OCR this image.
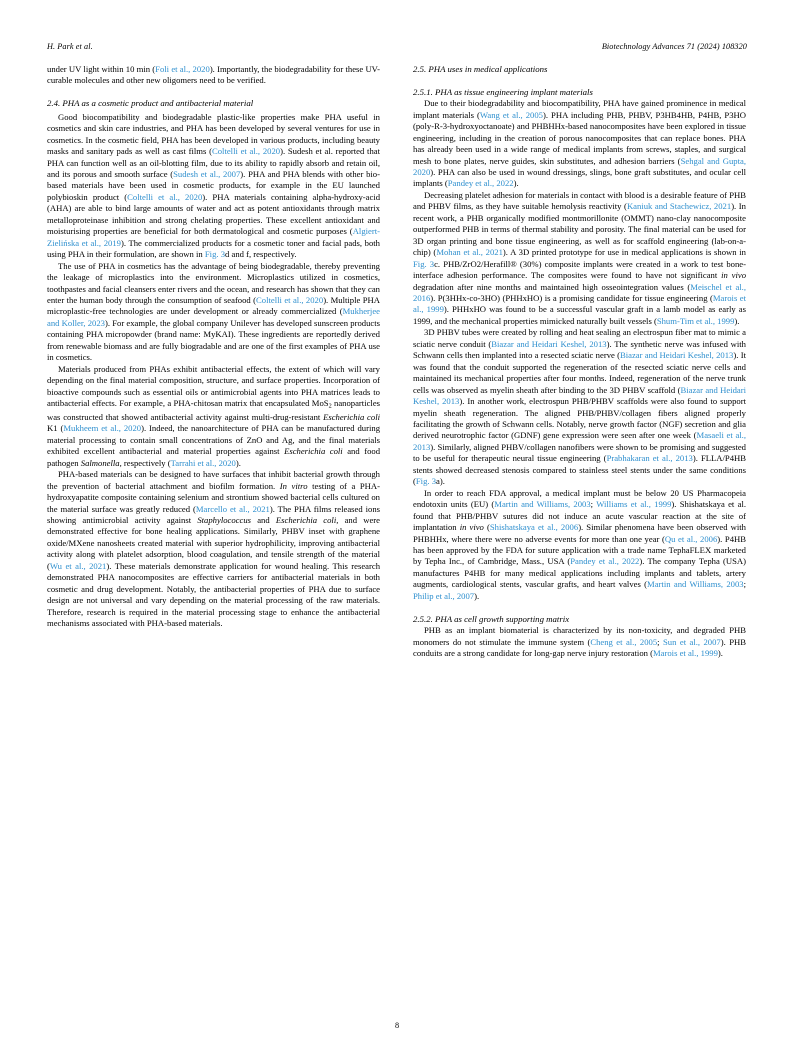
H. Park et al.	Biotechnology Advances 71 (2024) 108320

under UV light within 10 min (Foli et al., 2020). Importantly, the biodegradability for these UV-curable molecules and other new oligomers need to be verified.

2.4. PHA as a cosmetic product and antibacterial material

Good biocompatibility and biodegradable plastic-like properties make PHA useful in cosmetics and skin care industries, and PHA has been developed by several ventures for use in cosmetics. In the cosmetic field, PHA has been developed in various products, including beauty masks and sanitary pads as well as cast films (Coltelli et al., 2020). Sudesh et al. reported that PHA can function well as an oil-blotting film, due to its ability to rapidly absorb and retain oil, and its porous and smooth surface (Sudesh et al., 2007). PHA and PHA blends with other bio-based materials have been used in cosmetic products, for example in the EU launched polybioskin product (Coltelli et al., 2020). PHA materials containing alpha-hydroxy-acid (AHA) are able to bind large amounts of water and act as potent antioxidants through matrix metalloproteinase inhibition and strong chelating properties. These excellent antioxidant and moisturising properties are beneficial for both dermatological and cosmetic purposes (Algiert-Zielińska et al., 2019). The commercialized products for a cosmetic toner and facial pads, both using PHA in their formulation, are shown in Fig. 3d and f, respectively.

The use of PHA in cosmetics has the advantage of being biodegradable, thereby preventing the leakage of microplastics into the environment. Microplastics utilized in cosmetics, toothpastes and facial cleansers enter rivers and the ocean, and research has shown that they can enter the human body through the consumption of seafood (Coltelli et al., 2020). Multiple PHA microplastic-free technologies are under development or already commercialized (Mukherjee and Koller, 2023). For example, the global company Unilever has developed sunscreen products containing PHA micropowder (brand name: MyKAI). These ingredients are reportedly derived from renewable biomass and are fully biogradable and are one of the first examples of PHA use in cosmetics.

Materials produced from PHAs exhibit antibacterial effects, the extent of which will vary depending on the final material composition, structure, and surface properties. Incorporation of bioactive compounds such as essential oils or antimicrobial agents into PHA matrices leads to antibacterial effects. For example, a PHA-chitosan matrix that encapsulated MoS$_2$ nanoparticles was constructed that showed antibacterial activity against multi-drug-resistant Escherichia coli K1 (Mukheem et al., 2020). Indeed, the nanoarchitecture of PHA can be manufactured during material processing to contain small concentrations of ZnO and Ag, and the final materials exhibited excellent antibacterial and material properties against Escherichia coli and food pathogen Salmonella, respectively (Tarrahi et al., 2020).

PHA-based materials can be designed to have surfaces that inhibit bacterial growth through the prevention of bacterial attachment and biofilm formation. In vitro testing of a PHA-hydroxyapatite composite containing selenium and strontium showed bacterial cells cultured on the material surface was greatly reduced (Marcello et al., 2021). The PHA films released ions showing antimicrobial activity against Staphylococcus and Escherichia coli, and were demonstrated effective for bone healing applications. Similarly, PHBV inset with graphene oxide/MXene nanosheets created material with superior hydrophilicity, improving antibacterial activity along with platelet adsorption, blood coagulation, and tensile strength of the material (Wu et al., 2021). These materials demonstrate application for wound healing. This research demonstrated PHA nanocomposites are effective carriers for antibacterial materials in both cosmetic and drug development. Notably, the antibacterial properties of PHA due to surface design are not universal and vary depending on the material processing of the raw materials. Therefore, research is required in the material processing stage to enhance the antibacterial mechanisms associated with PHA-based materials.

2.5. PHA uses in medical applications
2.5.1. PHA as tissue engineering implant materials

Due to their biodegradability and biocompatibility, PHA have gained prominence in medical implant materials (Wang et al., 2005). PHA including PHB, PHBV, P3HB4HB, P4HB, P3HO (poly-R-3-hydroxyoctanoate) and PHBHHx-based nanocomposites have been explored in tissue engineering, including in the creation of porous nanocomposites that can replace bones. PHA has already been used in a wide range of medical implants from screws, staples, and surgical mesh to bone plates, nerve guides, skin substitutes, and adhesion barriers (Sehgal and Gupta, 2020). PHA can also be used in wound dressings, slings, bone graft substitutes, and ocular cell implants (Pandey et al., 2022).

Decreasing platelet adhesion for materials in contact with blood is a desirable feature of PHB and PHBV films, as they have suitable hemolysis reactivity (Kaniuk and Stachewicz, 2021). In recent work, a PHB organically modified montmorillonite (OMMT) nano-clay nanocomposite outperformed PHB in terms of thermal stability and porosity. The final material can be used for 3D organ printing and bone tissue engineering, as well as for scaffold engineering (lab-on-a-chip) (Mohan et al., 2021). A 3D printed prototype for use in medical applications is shown in Fig. 3c. PHB/ZrO2/Herafill® (30%) composite implants were created in a work to test bone-interface adhesion performance. The composites were found to have not significant in vivo degradation after nine months and maintained high osseointegration values (Meischel et al., 2016). P(3HHx-co-3HO) (PHHxHO) is a promising candidate for tissue engineering (Marois et al., 1999). PHHxHO was found to be a successful vascular graft in a lamb model as early as 1999, and the mechanical properties mimicked naturally built vessels (Shum-Tim et al., 1999).

3D PHBV tubes were created by rolling and heat sealing an electrospun fiber mat to mimic a sciatic nerve conduit (Biazar and Heidari Keshel, 2013). The synthetic nerve was infused with Schwann cells then implanted into a resected sciatic nerve (Biazar and Heidari Keshel, 2013). It was found that the conduit supported the regeneration of the resected sciatic nerve cells and maintained its mechanical properties after four months. Indeed, regeneration of the nerve trunk cells was observed as myelin sheath after binding to the 3D PHBV scaffold (Biazar and Heidari Keshel, 2013). In another work, electrospun PHB/PHBV scaffolds were also found to support myelin sheath regeneration. The aligned PHB/PHBV/collagen fibers aligned properly facilitating the growth of Schwann cells. Notably, nerve growth factor (NGF) secretion and glia derived neurotrophic factor (GDNF) gene expression were seen after one week (Masaeli et al., 2013). Similarly, aligned PHBV/collagen nanofibers were shown to be promising and suggested to be useful for therapeutic neural tissue engineering (Prabhakaran et al., 2013). FLLA/P4HB stents showed decreased stenosis compared to stainless steel stents under the same conditions (Fig. 3a).

In order to reach FDA approval, a medical implant must be below 20 US Pharmacopeia endotoxin units (EU) (Martin and Williams, 2003; Williams et al., 1999). Shishatskaya et al. found that PHB/PHBV sutures did not induce an acute vascular reaction at the site of implantation in vivo (Shishatskaya et al., 2006). Similar phenomena have been observed with PHBHHx, where there were no adverse events for more than one year (Qu et al., 2006). P4HB has been approved by the FDA for suture application with a trade name TephaFLEX marketed by Tepha Inc., of Cambridge, Mass., USA (Pandey et al., 2022). The company Tepha (USA) manufactures P4HB for many medical applications including implants and tablets, artery augments, cardiological stents, vascular grafts, and heart valves (Martin and Williams, 2003; Philip et al., 2007).

2.5.2. PHA as cell growth supporting matrix

PHB as an implant biomaterial is characterized by its non-toxicity, and degraded PHB monomers do not stimulate the immune system (Cheng et al., 2005; Sun et al., 2007). PHB conduits are a strong candidate for long-gap nerve injury restoration (Marois et al., 1999).

8
